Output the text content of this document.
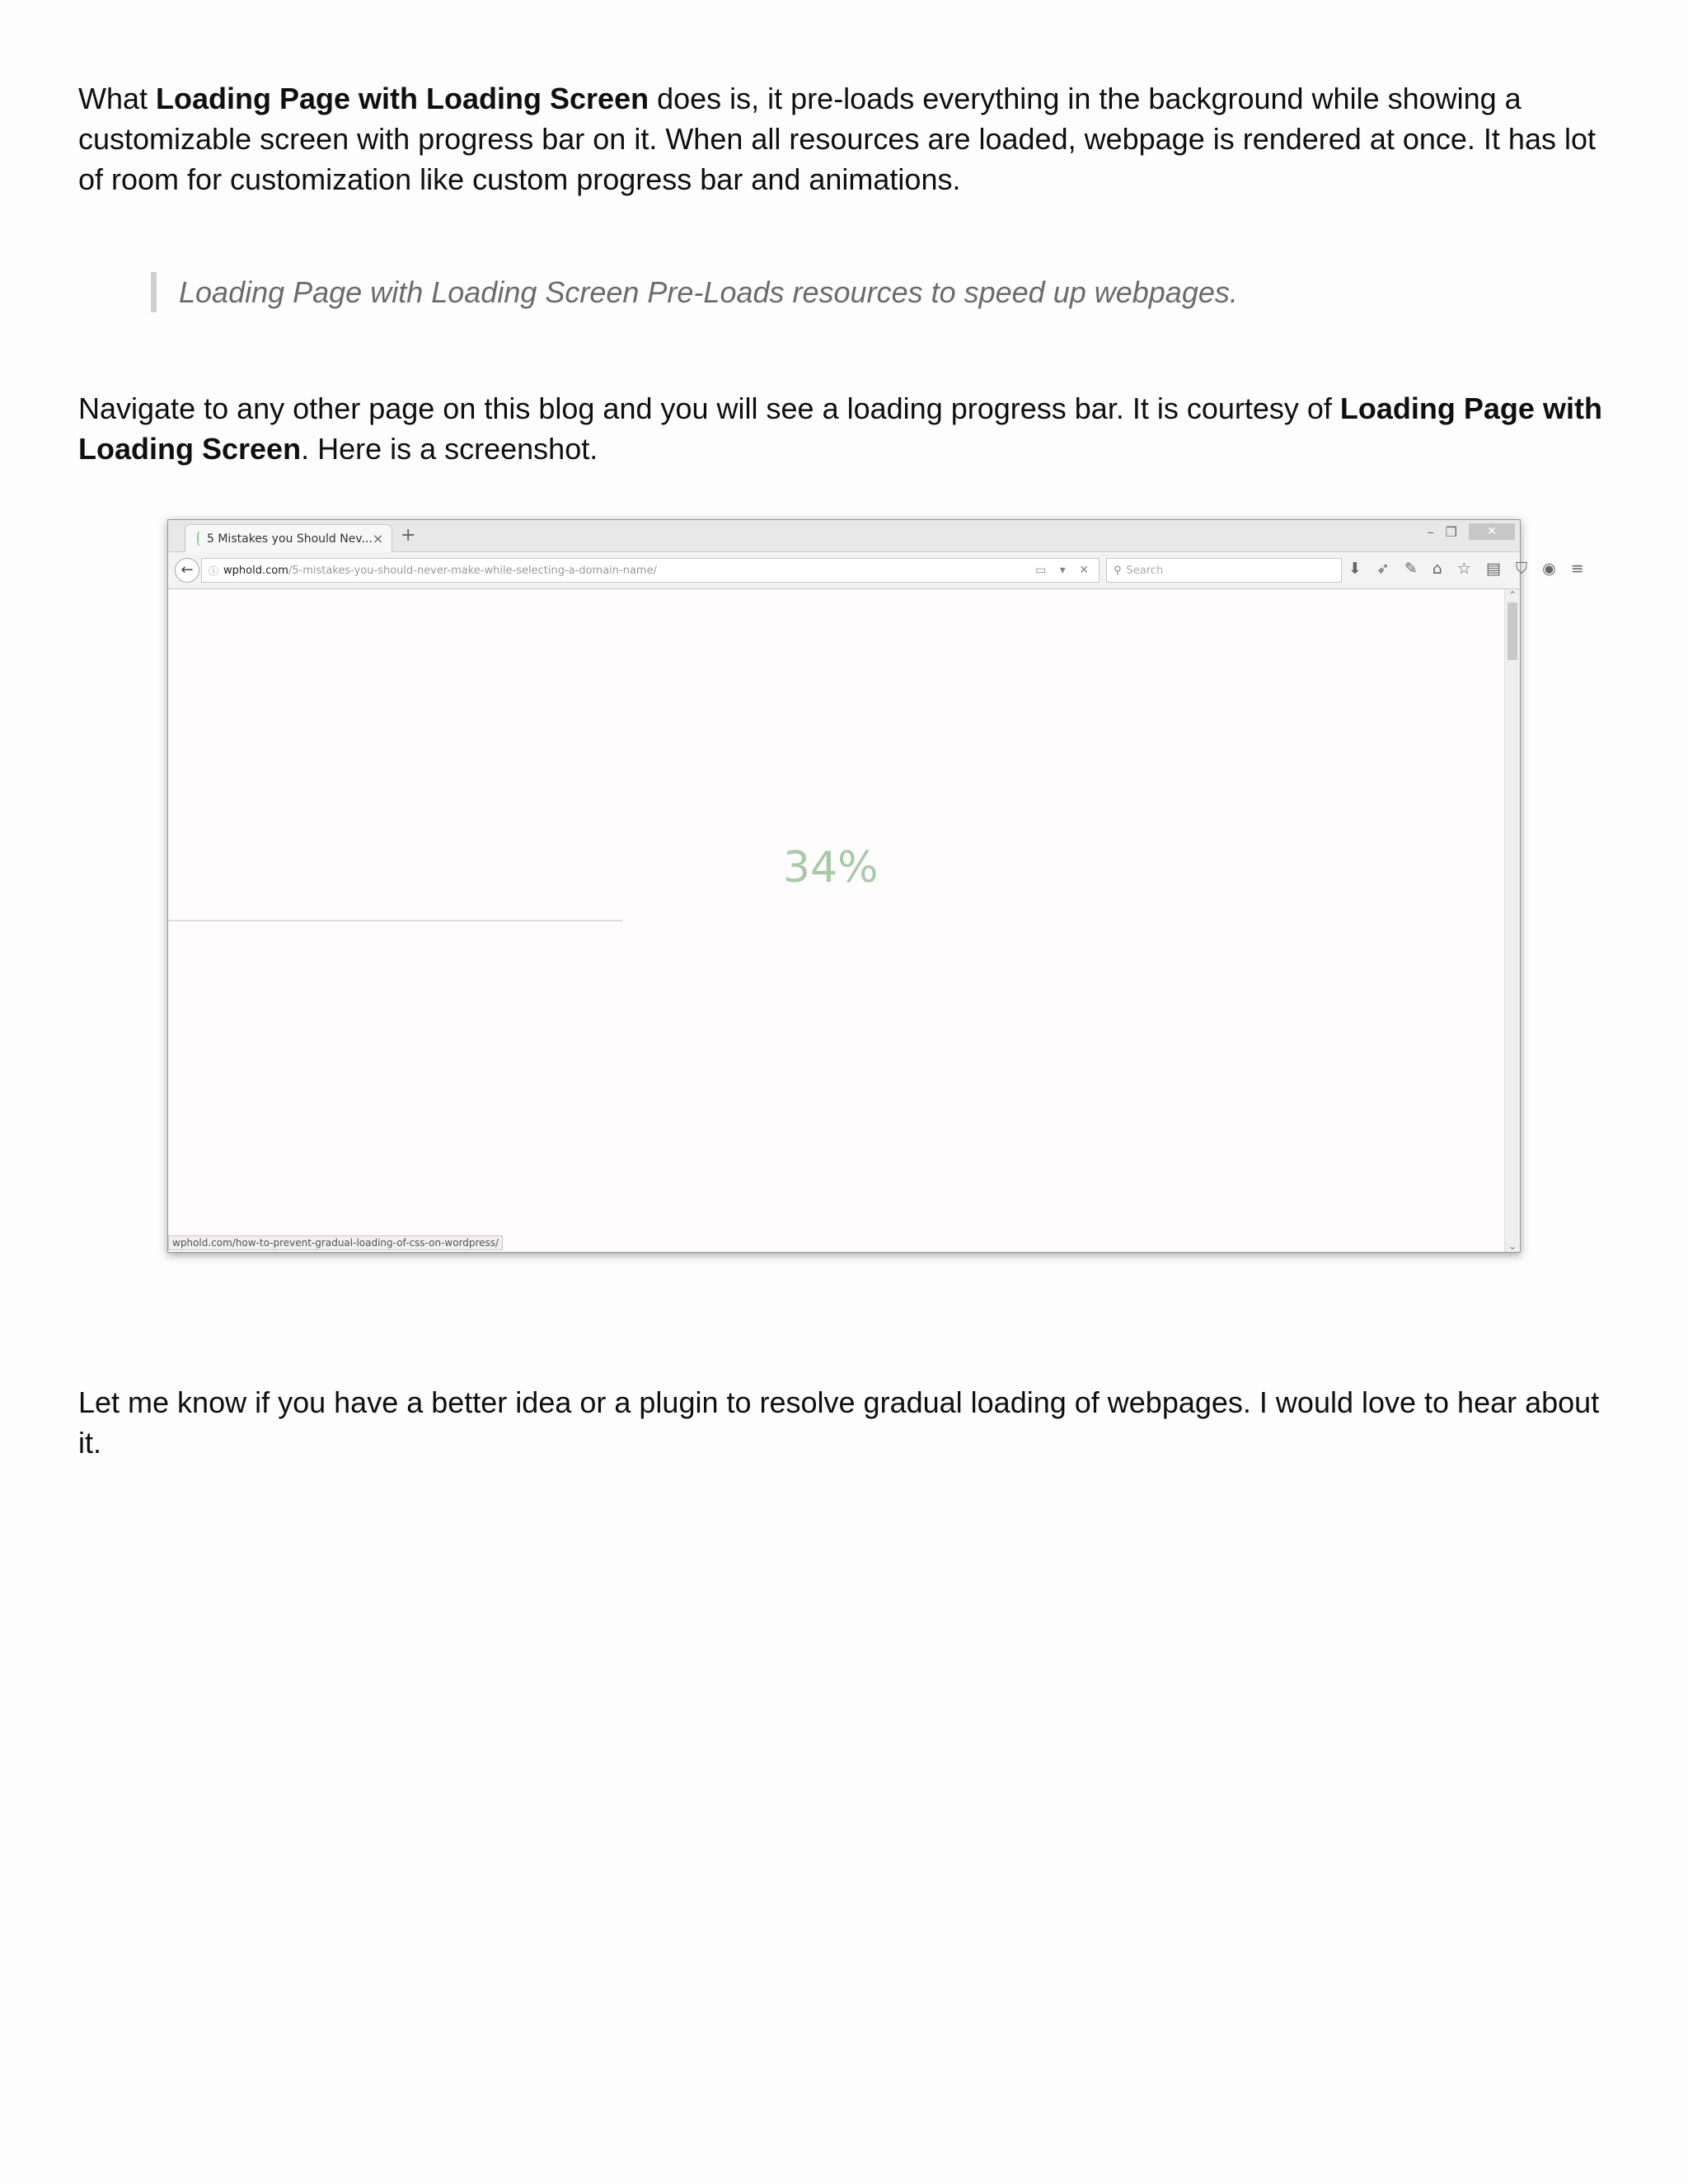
What Loading Page with Loading Screen does is, it pre-loads everything in the background while showing a customizable screen with progress bar on it. When all resources are loaded, webpage is rendered at once. It has lot of room for customization like custom progress bar and animations.

Loading Page with Loading Screen Pre-Loads resources to speed up webpages.

Navigate to any other page on this blog and you will see a loading progress bar. It is courtesy of Loading Page with Loading Screen. Here is a screenshot.

5 Mistakes you Should Nev... × +	– ❐	✕
←	ⓘ wphold.com /5-mistakes-you-should-never-make-while-selecting-a-domain-name/	▭ ▾ ✕ ⚲ Search	⬇ ➶ ✎ ⌂ ☆ ▤ ⛉ ◉ ≡
34%
wphold.com/how-to-prevent-gradual-loading-of-css-on-wordpress/
⌃
⌄

Let me know if you have a better idea or a plugin to resolve gradual loading of webpages. I would love to hear about it.
